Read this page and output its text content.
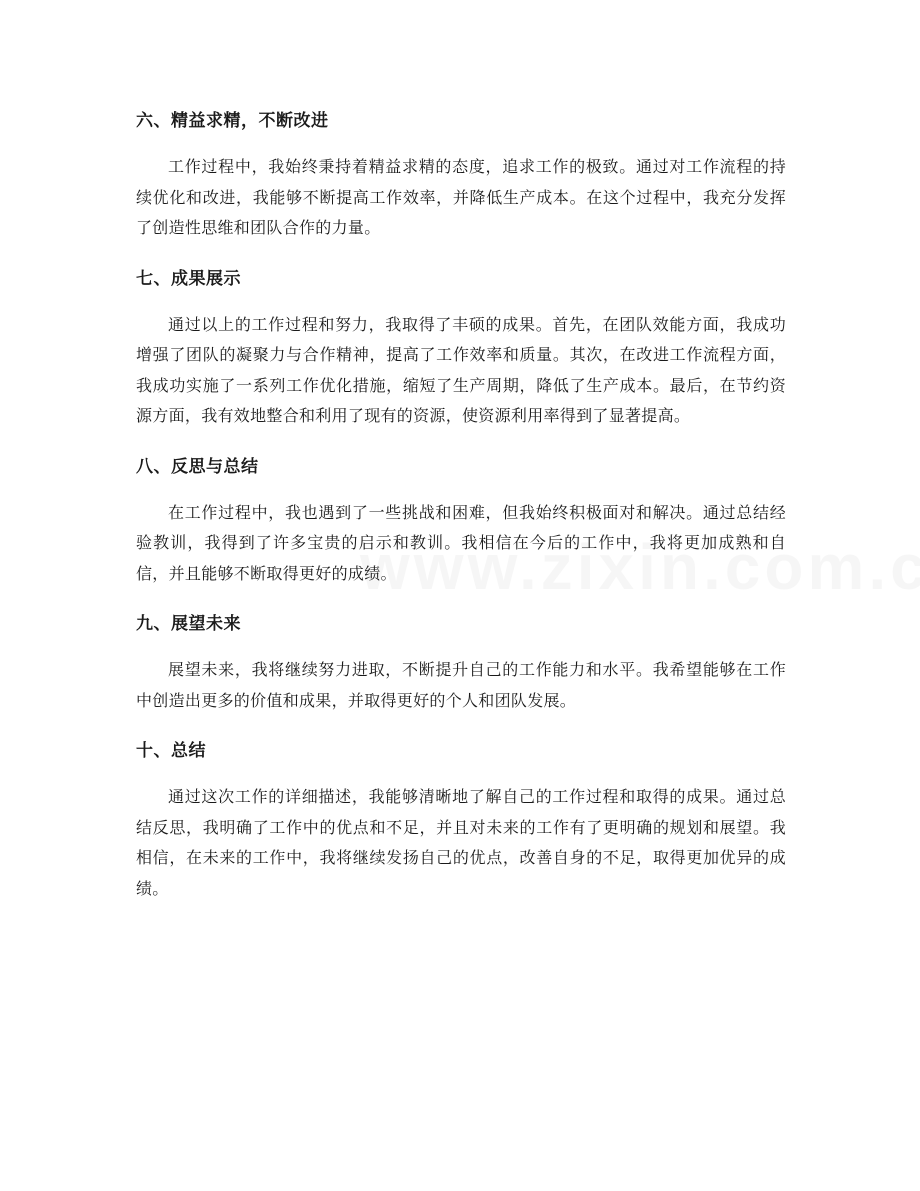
六、精益求精，不断改进

工作过程中，我始终秉持着精益求精的态度，追求工作的极致。通过对工作流程的持续优化和改进，我能够不断提高工作效率，并降低生产成本。在这个过程中，我充分发挥了创造性思维和团队合作的力量。

七、成果展示

通过以上的工作过程和努力，我取得了丰硕的成果。首先，在团队效能方面，我成功增强了团队的凝聚力与合作精神，提高了工作效率和质量。其次，在改进工作流程方面，我成功实施了一系列工作优化措施，缩短了生产周期，降低了生产成本。最后，在节约资源方面，我有效地整合和利用了现有的资源，使资源利用率得到了显著提高。

八、反思与总结

在工作过程中，我也遇到了一些挑战和困难，但我始终积极面对和解决。通过总结经验教训，我得到了许多宝贵的启示和教训。我相信在今后的工作中，我将更加成熟和自信，并且能够不断取得更好的成绩。

九、展望未来

展望未来，我将继续努力进取，不断提升自己的工作能力和水平。我希望能够在工作中创造出更多的价值和成果，并取得更好的个人和团队发展。

十、总结

通过这次工作的详细描述，我能够清晰地了解自己的工作过程和取得的成果。通过总结反思，我明确了工作中的优点和不足，并且对未来的工作有了更明确的规划和展望。我相信，在未来的工作中，我将继续发扬自己的优点，改善自身的不足，取得更加优异的成绩。
